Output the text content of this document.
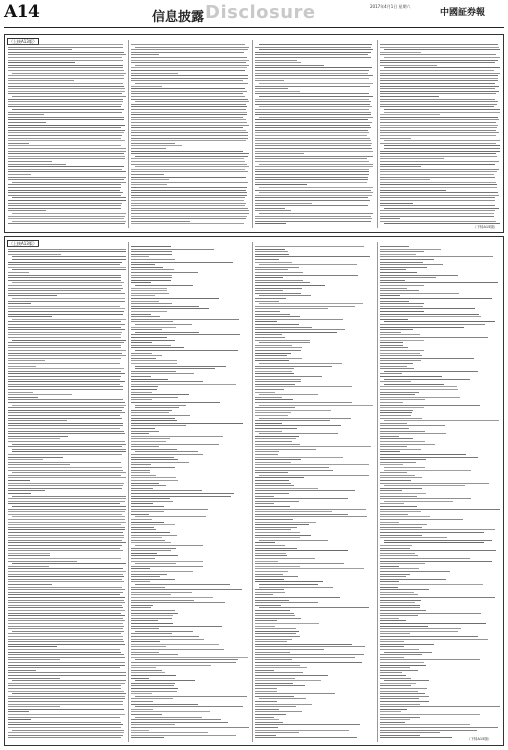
A14	信息披露 Disclosure	2017年4月1日 星期六
中國証券報
（上接A13版）
（下转A15版）
（上接A13版）
（下转A15版）
